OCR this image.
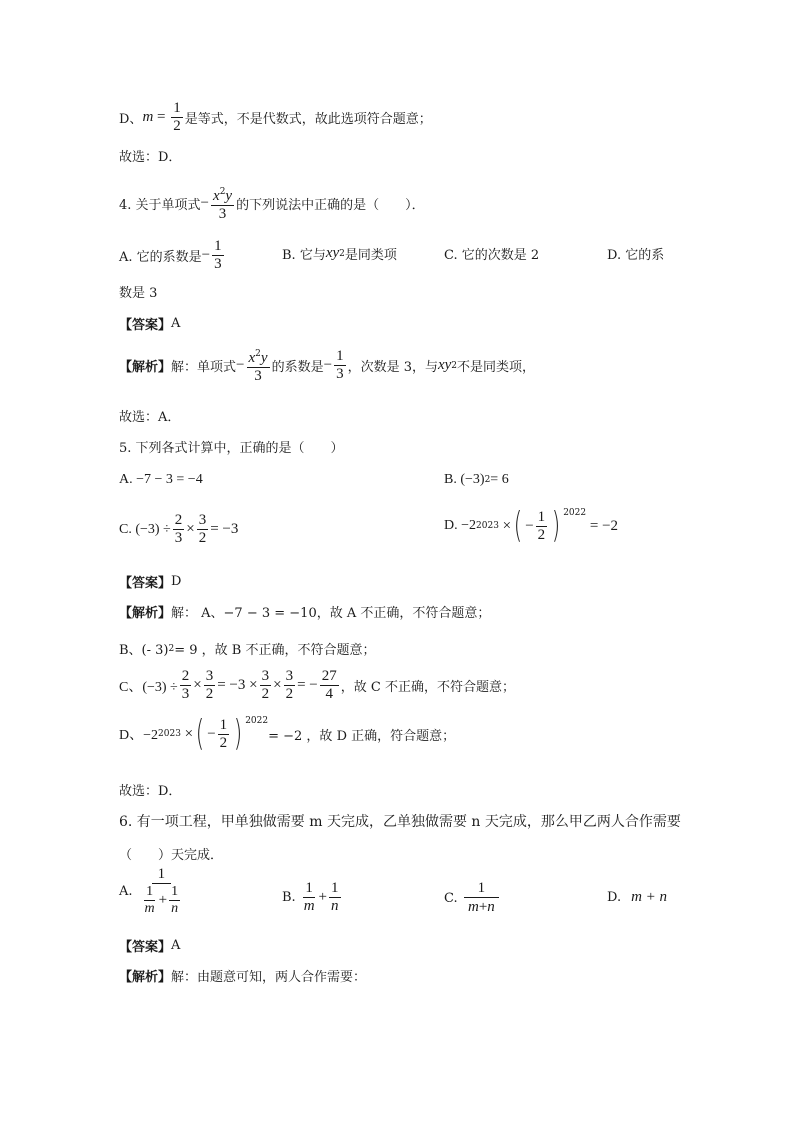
D、 $m = \frac{1}{2}$ 是等式，不是代数式，故此选项符合题意；
故选：D．
4. 关于单项式 − $\frac{x^2y}{3}$ 的下列说法中正确的是（　　）．
A. 它的系数是 − $\frac{1}{3}$	B. 它与 xy 2 是同类项	C. 它的次数是 2	D. 它的系
数是 3
【答案】 A
【解析】 解：单项式 − $\frac{x^2y}{3}$ 的系数是 − $\frac{1}{3}$ ，次数是 3，与 xy 2 不是同类项，
故选：A．
5. 下列各式计算中，正确的是（　　）
A. −7 − 3 = −4	B. (−3) 2 = 6
C. $(-3) \div \frac{2}{3} \times \frac{3}{2} = -3$	D. −2 2023 × ( − $\frac{1}{2}$ ) $^{2022}$
= −2
【答案】 D
【解析】 解： A、−7 − 3 = −10，故 A 不正确，不符合题意；
B、(- 3) 2 = 9 ，故 B 不正确，不符合题意；
C、$(-3) \div \frac{2}{3} \times \frac{3}{2} = -3 \times \frac{3}{2} \times \frac{3}{2}$ = − $\frac{27}{4}$ ，故 C 不正确，不符合题意；
D、−2 2023 × ( − $\frac{1}{2}$ ) $^{2022}$
= −2 ，故 D 正确，符合题意；
故选：D．
6. 有一项工程，甲单独做需要 m 天完成，乙单独做需要 n 天完成，那么甲乙两人合作需要
（　　）天完成．
A. $\frac{1}{\frac{1}{m} + \frac{1}{n}}$	B. $\frac{1}{m} + \frac{1}{n}$	C. $\frac{1}{m+n}$	D. m + n
【答案】 A
【解析】 解：由题意可知，两人合作需要：
